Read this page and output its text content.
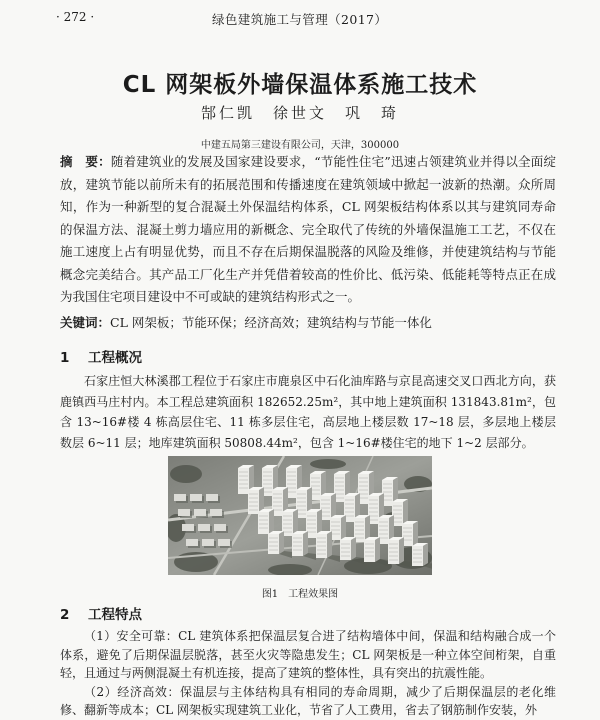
· 272 ·	绿色建筑施工与管理（2017）
CL 网架板外墙保温体系施工技术
郜仁凯　徐世文　巩　琦
中建五局第三建设有限公司，天津，300000
摘　要：随着建筑业的发展及国家建设要求，“节能性住宅”迅速占领建筑业并得以全面绽放，建筑节能以前所未有的拓展范围和传播速度在建筑领域中掀起一波新的热潮。众所周知，作为一种新型的复合混凝土外保温结构体系，CL 网架板结构体系以其与建筑同寿命的保温方法、混凝土剪力墙应用的新概念、完全取代了传统的外墙保温施工工艺，不仅在施工速度上占有明显优势，而且不存在后期保温脱落的风险及维修，并使建筑结构与节能概念完美结合。其产品工厂化生产并凭借着较高的性价比、低污染、低能耗等特点正在成为我国住宅项目建设中不可或缺的建筑结构形式之一。
关键词：CL 网架板；节能环保；经济高效；建筑结构与节能一体化
1 工程概况

石家庄恒大林溪郡工程位于石家庄市鹿泉区中石化油库路与京昆高速交叉口西北方向，获鹿镇西马庄村内。本工程总建筑面积 182652.25m²，其中地上建筑面积 131843.81m²，包含 13~16#楼 4 栋高层住宅、11 栋多层住宅，高层地上楼层数 17~18 层，多层地上楼层数层 6~11 层；地库建筑面积 50808.44m²，包含 1~16#楼住宅的地下 1~2 层部分。

图1　工程效果图
2 工程特点

（1）安全可靠：CL 建筑体系把保温层复合进了结构墙体中间，保温和结构融合成一个体系，避免了后期保温层脱落，甚至火灾等隐患发生；CL 网架板是一种立体空间桁架，自重轻，且通过与两侧混凝土有机连接，提高了建筑的整体性，具有突出的抗震性能。

（2）经济高效：保温层与主体结构具有相同的寿命周期，减少了后期保温层的老化维修、翻新等成本；CL 网架板实现建筑工业化，节省了人工费用，省去了钢筋制作安装，外
